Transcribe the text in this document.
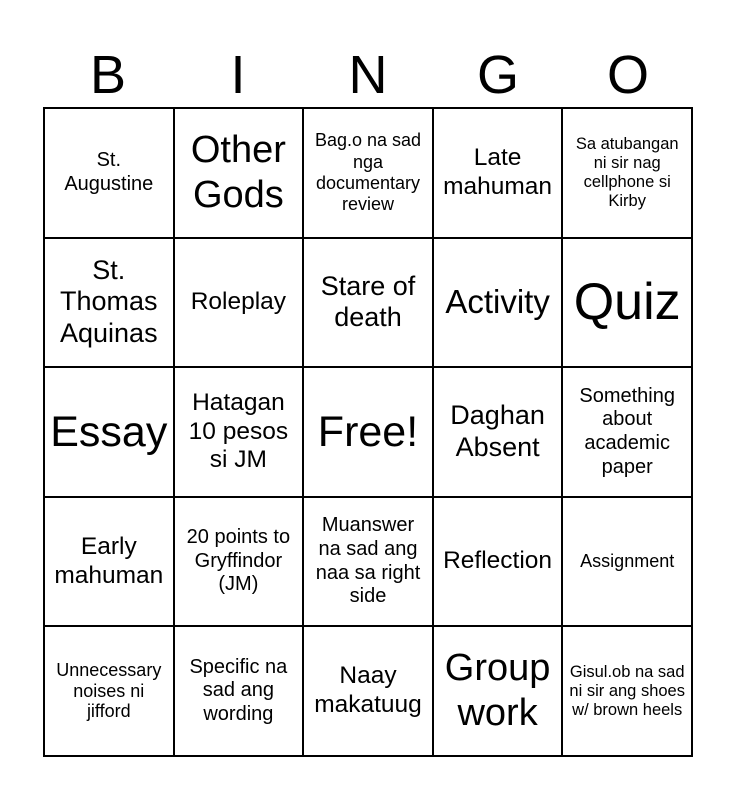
B	I	N	G	O
St. Augustine
Other Gods
Bag.o na sad nga documentary review
Late mahuman
Sa atubangan ni sir nag cellphone si Kirby
St. Thomas Aquinas
Roleplay
Stare of death	Activity Quiz
Essay
Hatagan 10 pesos si JM
Free!	Daghan Absent
Something about academic paper
Early mahuman
20 points to Gryffindor (JM)
Muanswer na sad ang naa sa right side
Reflection Assignment
Unnecessary noises ni jifford
Specific na sad ang wording
Naay makatuug
Group work
Gisul.ob na sad ni sir ang shoes w/ brown heels
